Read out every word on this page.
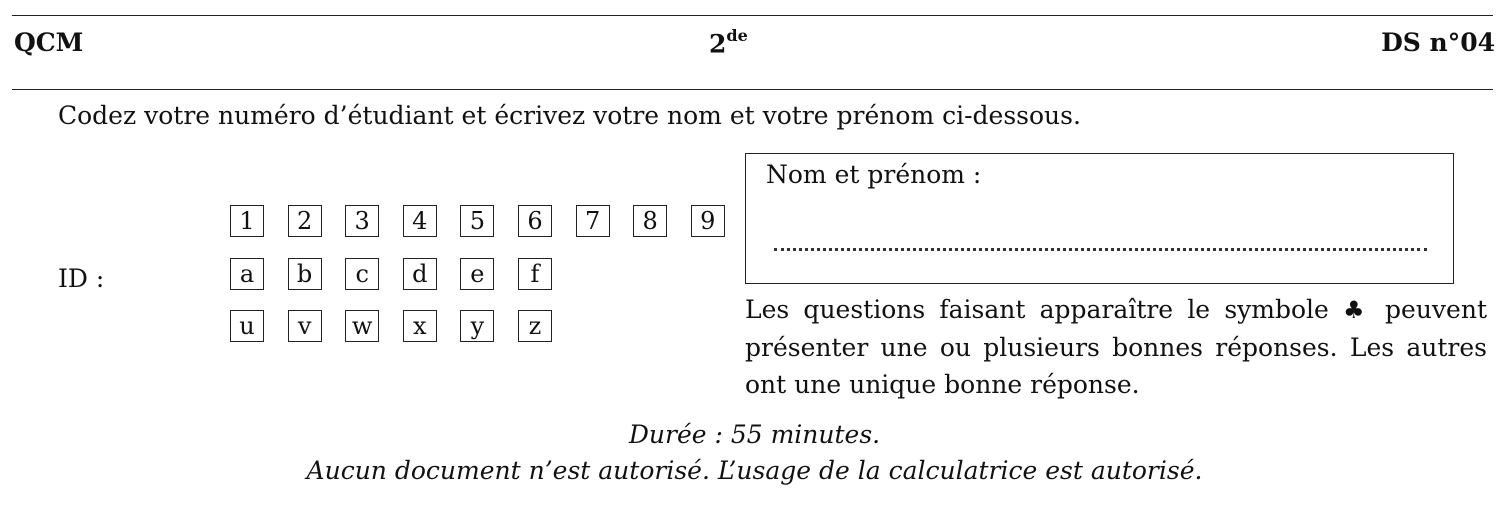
QCM	2de	DS n°04
Codez votre numéro d’étudiant et écrivez votre nom et votre prénom ci-dessous.
ID :
1	2	3	4	5	6	7	8	9
a	b	c	d	e	f
u	v	w	x	y	z
Nom et prénom :
Les questions faisant apparaître le symbole ♣ peuvent présenter une ou plusieurs bonnes réponses. Les autres ont une unique bonne réponse.
Durée : 55 minutes.
Aucun document n’est autorisé. L’usage de la calculatrice est autorisé.
